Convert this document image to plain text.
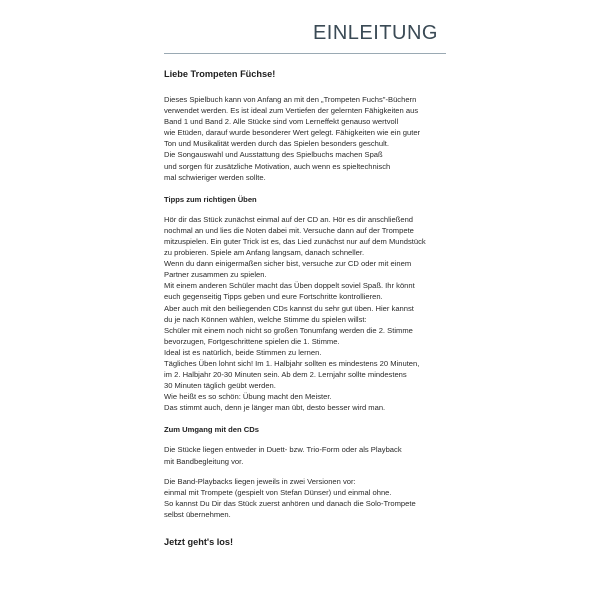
EINLEITUNG
Liebe Trompeten Füchse!
Dieses Spielbuch kann von Anfang an mit den „Trompeten Fuchs"-Büchern
verwendet werden. Es ist ideal zum Vertiefen der gelernten Fähigkeiten aus
Band 1 und Band 2. Alle Stücke sind vom Lerneffekt genauso wertvoll
wie Etüden, darauf wurde besonderer Wert gelegt. Fähigkeiten wie ein guter
Ton und Musikalität werden durch das Spielen besonders geschult.
Die Songauswahl und Ausstattung des Spielbuchs machen Spaß
und sorgen für zusätzliche Motivation, auch wenn es spieltechnisch
mal schwieriger werden sollte.
Tipps zum richtigen Üben
Hör dir das Stück zunächst einmal auf der CD an. Hör es dir anschließend
nochmal an und lies die Noten dabei mit. Versuche dann auf der Trompete
mitzuspielen. Ein guter Trick ist es, das Lied zunächst nur auf dem Mundstück
zu probieren. Spiele am Anfang langsam, danach schneller.
Wenn du dann einigermaßen sicher bist, versuche zur CD oder mit einem
Partner zusammen zu spielen.
Mit einem anderen Schüler macht das Üben doppelt soviel Spaß. Ihr könnt
euch gegenseitig Tipps geben und eure Fortschritte kontrollieren.
Aber auch mit den beiliegenden CDs kannst du sehr gut üben. Hier kannst
du je nach Können wählen, welche Stimme du spielen willst:
Schüler mit einem noch nicht so großen Tonumfang werden die 2. Stimme
bevorzugen, Fortgeschrittene spielen die 1. Stimme.
Ideal ist es natürlich, beide Stimmen zu lernen.
Tägliches Üben lohnt sich! Im 1. Halbjahr sollten es mindestens 20 Minuten,
im 2. Halbjahr 20-30 Minuten sein. Ab dem 2. Lernjahr sollte mindestens
30 Minuten täglich geübt werden.
Wie heißt es so schön: Übung macht den Meister.
Das stimmt auch, denn je länger man übt, desto besser wird man.
Zum Umgang mit den CDs
Die Stücke liegen entweder in Duett- bzw. Trio-Form oder als Playback
mit Bandbegleitung vor.
Die Band-Playbacks liegen jeweils in zwei Versionen vor:
einmal mit Trompete (gespielt von Stefan Dünser) und einmal ohne.
So kannst Du Dir das Stück zuerst anhören und danach die Solo-Trompete
selbst übernehmen.
Jetzt geht's los!
